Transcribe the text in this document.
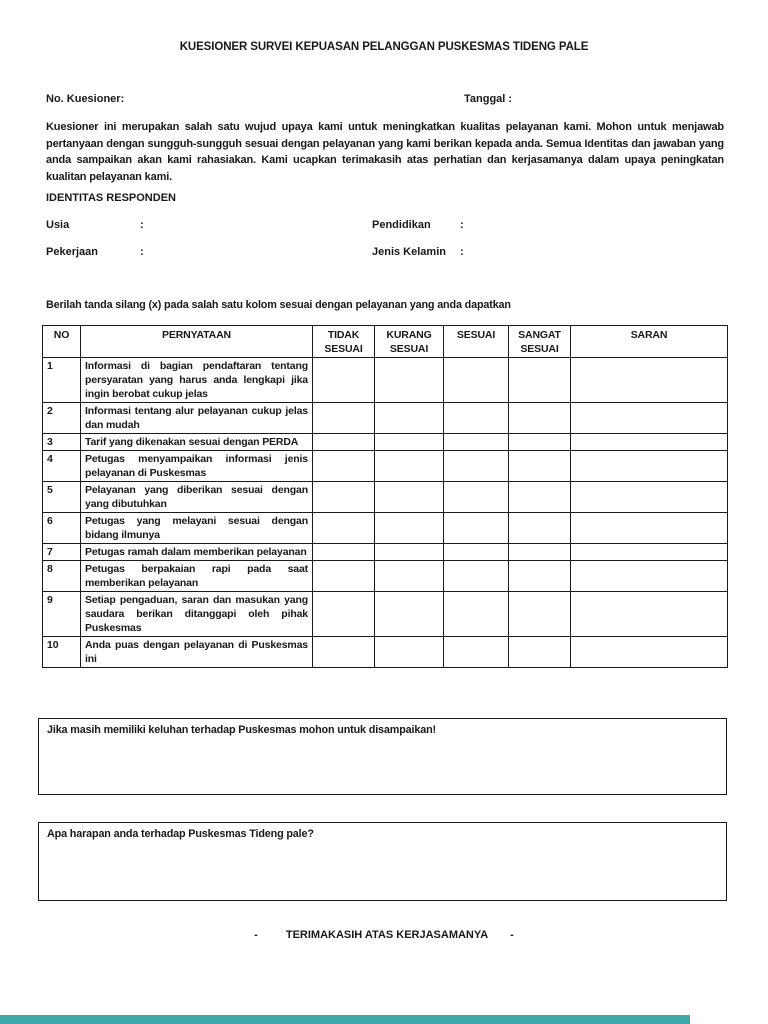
KUESIONER SURVEI KEPUASAN PELANGGAN PUSKESMAS TIDENG PALE
No. Kuesioner:	Tanggal :
Kuesioner ini merupakan salah satu wujud upaya kami untuk meningkatkan kualitas pelayanan kami. Mohon untuk menjawab pertanyaan dengan sungguh-sungguh sesuai dengan pelayanan yang kami berikan kepada anda. Semua Identitas dan jawaban yang anda sampaikan akan kami rahasiakan. Kami ucapkan terimakasih atas perhatian dan kerjasamanya dalam upaya peningkatan kualitan pelayanan kami.
IDENTITAS RESPONDEN
Usia	:	Pendidikan	:
Pekerjaan	:	Jenis Kelamin :
Berilah tanda silang (x) pada salah satu kolom sesuai dengan pelayanan yang anda dapatkan
NO	PERNYATAAN	TIDAK SESUAI	KURANG SESUAI	SESUAI	SANGAT SESUAI	SARAN
1	Informasi di bagian pendaftaran tentang persyaratan yang harus anda lengkapi jika ingin berobat cukup jelas					
2	Informasi tentang alur pelayanan cukup jelas dan mudah					
3	Tarif yang dikenakan sesuai dengan PERDA					
4	Petugas menyampaikan informasi jenis pelayanan di Puskesmas					
5	Pelayanan yang diberikan sesuai dengan yang dibutuhkan					
6	Petugas yang melayani sesuai dengan bidang ilmunya					
7	Petugas ramah dalam memberikan pelayanan					
8	Petugas berpakaian rapi pada saat memberikan pelayanan					
9	Setiap pengaduan, saran dan masukan yang saudara berikan ditanggapi oleh pihak Puskesmas					
10	Anda puas dengan pelayanan di Puskesmas ini					
Jika masih memiliki keluhan terhadap Puskesmas mohon untuk disampaikan!
Apa harapan anda terhadap Puskesmas Tideng pale?
-	TERIMAKASIH ATAS KERJASAMANYA -
